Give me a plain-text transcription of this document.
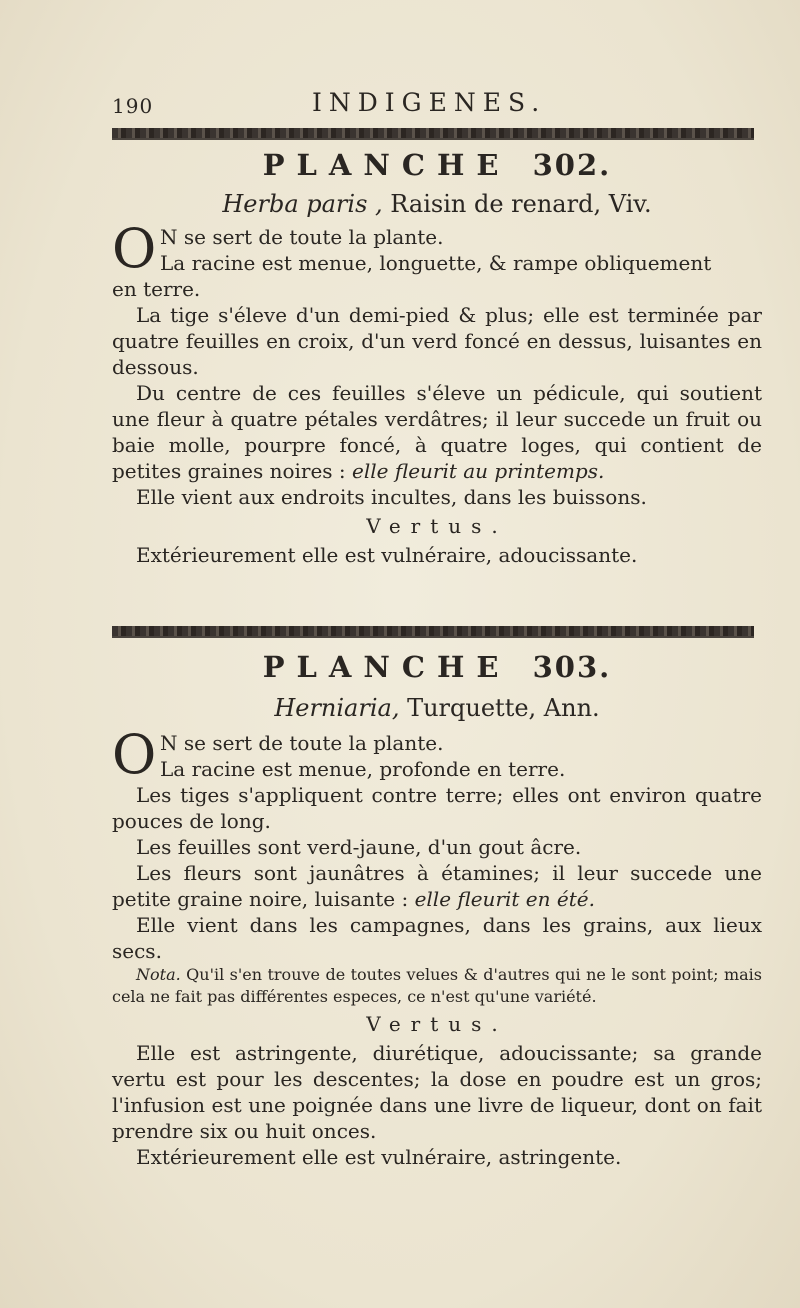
190	INDIGENES.
PLANCHE 302.
Herba paris , Raisin de renard, Viv.

O N se sert de toute la plante.
La racine est menue, longuette, & rampe obliquement

en terre.

La tige s'éleve d'un demi-pied & plus; elle est terminée par quatre feuilles en croix, d'un verd foncé en dessus, luisantes en dessous.

Du centre de ces feuilles s'éleve un pédicule, qui soutient une fleur à quatre pétales verdâtres; il leur succede un fruit ou baie molle, pourpre foncé, à quatre loges, qui contient de petites graines noires : elle fleurit au printemps.

Elle vient aux endroits incultes, dans les buissons.

Vertus.

Extérieurement elle est vulnéraire, adoucissante.

PLANCHE 303.
Herniaria, Turquette, Ann.

O N se sert de toute la plante.
La racine est menue, profonde en terre.

Les tiges s'appliquent contre terre; elles ont environ quatre pouces de long.

Les feuilles sont verd-jaune, d'un gout âcre.

Les fleurs sont jaunâtres à étamines; il leur succede une petite graine noire, luisante : elle fleurit en été.

Elle vient dans les campagnes, dans les grains, aux lieux secs.

Nota. Qu'il s'en trouve de toutes velues & d'autres qui ne le sont point; mais cela ne fait pas différentes especes, ce n'est qu'une variété.

Vertus.

Elle est astringente, diurétique, adoucissante; sa grande vertu est pour les descentes; la dose en poudre est un gros; l'infusion est une poignée dans une livre de liqueur, dont on fait prendre six ou huit onces.

Extérieurement elle est vulnéraire, astringente.
